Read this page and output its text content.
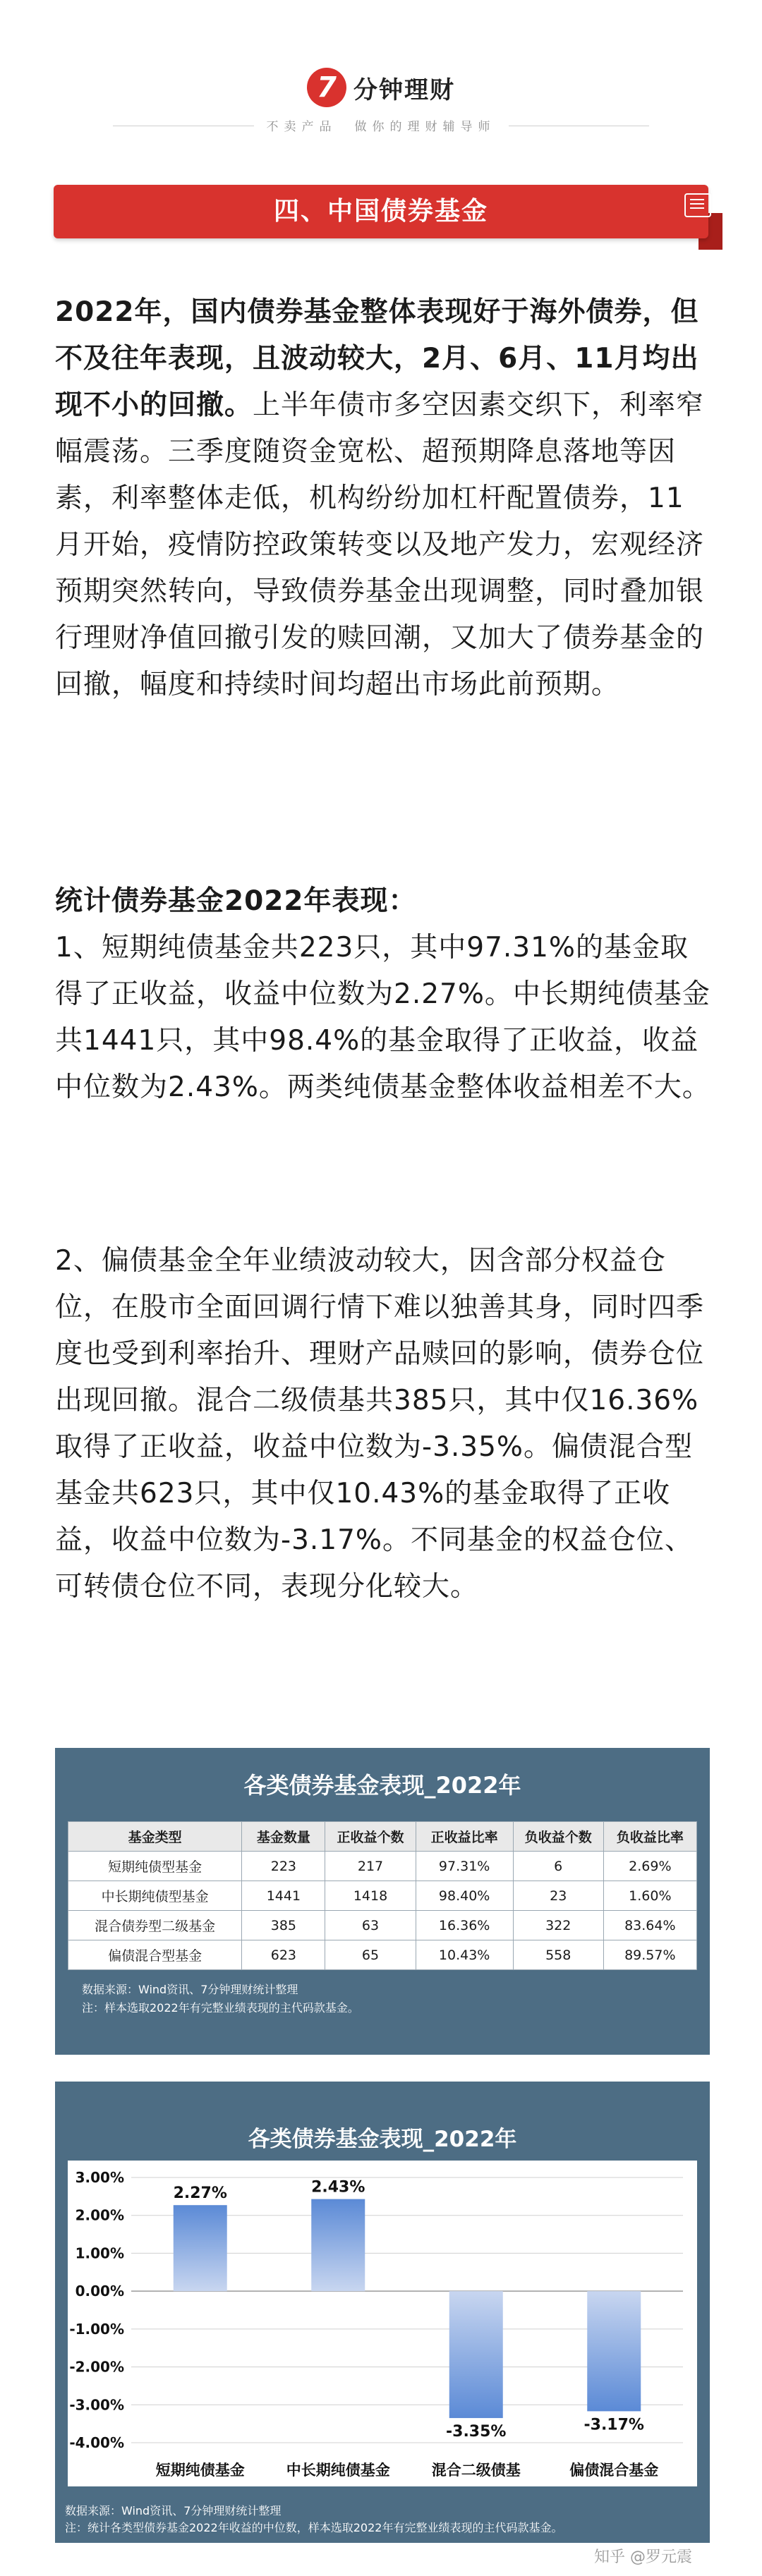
7
分钟理财
不卖产品　做你的理财辅导师
四、中国债券基金
2022年，国内债券基金整体表现好于海外债券，但不及往年表现，且波动较大，2月、6月、11月均出现不小的回撤。上半年债市多空因素交织下，利率窄幅震荡。三季度随资金宽松、超预期降息落地等因素，利率整体走低，机构纷纷加杠杆配置债券，11月开始，疫情防控政策转变以及地产发力，宏观经济预期突然转向，导致债券基金出现调整，同时叠加银行理财净值回撤引发的赎回潮，又加大了债券基金的回撤，幅度和持续时间均超出市场此前预期。
统计债券基金2022年表现：
1、短期纯债基金共223只，其中97.31%的基金取得了正收益，收益中位数为2.27%。中长期纯债基金共1441只，其中98.4%的基金取得了正收益，收益中位数为2.43%。两类纯债基金整体收益相差不大。
2、偏债基金全年业绩波动较大，因含部分权益仓位，在股市全面回调行情下难以独善其身，同时四季度也受到利率抬升、理财产品赎回的影响，债券仓位出现回撤。混合二级债基共385只，其中仅16.36%取得了正收益，收益中位数为-3.35%。偏债混合型基金共623只，其中仅10.43%的基金取得了正收益，收益中位数为-3.17%。不同基金的权益仓位、可转债仓位不同，表现分化较大。
各类债券基金表现_2022年
基金类型	基金数量	正收益个数	正收益比率	负收益个数	负收益比率
短期纯债型基金	223	217	97.31%	6	2.69%
中长期纯债型基金	1441	1418	98.40%	23	1.60%
混合债券型二级基金	385	63	16.36%	322	83.64%
偏债混合型基金	623	65	10.43%	558	89.57%
数据来源：Wind资讯、7分钟理财统计整理
注：样本选取2022年有完整业绩表现的主代码款基金。
各类债券基金表现_2022年
3.00%
2.00%
1.00%
0.00%
-1.00%
-2.00%
-3.00%
-4.00%
2.27%
短期纯债基金
2.43%
中长期纯债基金
-3.35%
混合二级债基
-3.17%
偏债混合基金
数据来源：Wind资讯、7分钟理财统计整理
注：统计各类型债券基金2022年收益的中位数，样本选取2022年有完整业绩表现的主代码款基金。
知乎 @罗元震
